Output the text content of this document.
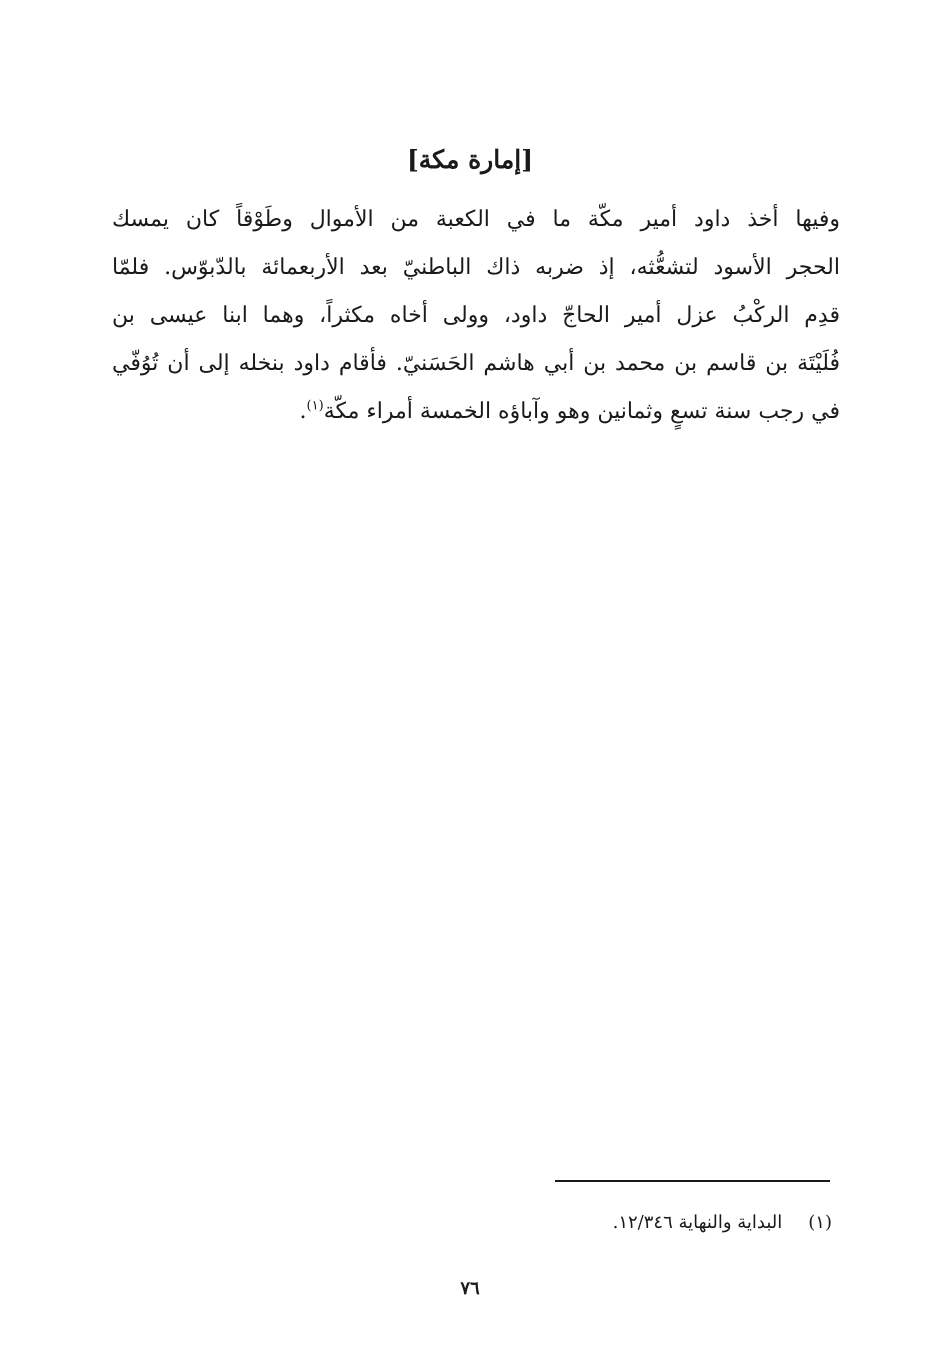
[إمارة مكة]
وفيها أخذ داود أمير مكّة ما في الكعبة من الأموال وطَوْقاً كان يمسك
الحجر الأسود لتشعُّثه، إذ ضربه ذاك الباطنيّ بعد الأربعمائة بالدّبوّس. فلمّا
قدِم الركْبُ عزل أمير الحاجّ داود، وولى أخاه مكثراً، وهما ابنا عيسى بن
فُلَيْتَة بن قاسم بن محمد بن أبي هاشم الحَسَنيّ. فأقام داود بنخله إلى أن تُوُفّي
في رجب سنة تسعٍ وثمانين وهو وآباؤه الخمسة أمراء مكّة$^{(١)}$.
(١)البداية والنهاية ١٢/٣٤٦.
٧٦
